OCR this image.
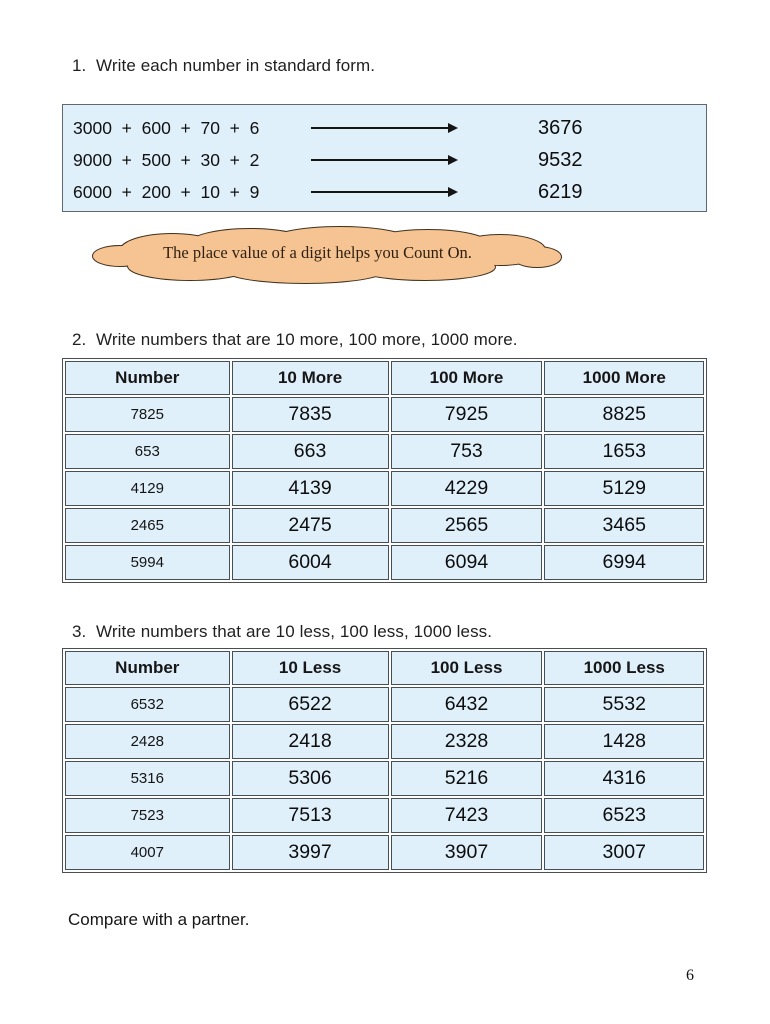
1.  Write each number in standard form.
3000  +  600  +  70  +  6	3676
9000  +  500  +  30  +  2	9532
6000  +  200  +  10  +  9	6219
The place value of a digit helps you Count On.
2.  Write numbers that are 10 more, 100 more, 1000 more.
Number	10 More	100 More	1000 More
7825	7835	7925	8825
653	663	753	1653
4129	4139	4229	5129
2465	2475	2565	3465
5994	6004	6094	6994
3.  Write numbers that are 10 less, 100 less, 1000 less.
Number	10 Less	100 Less	1000 Less
6532	6522	6432	5532
2428	2418	2328	1428
5316	5306	5216	4316
7523	7513	7423	6523
4007	3997	3907	3007
Compare with a partner.
6
